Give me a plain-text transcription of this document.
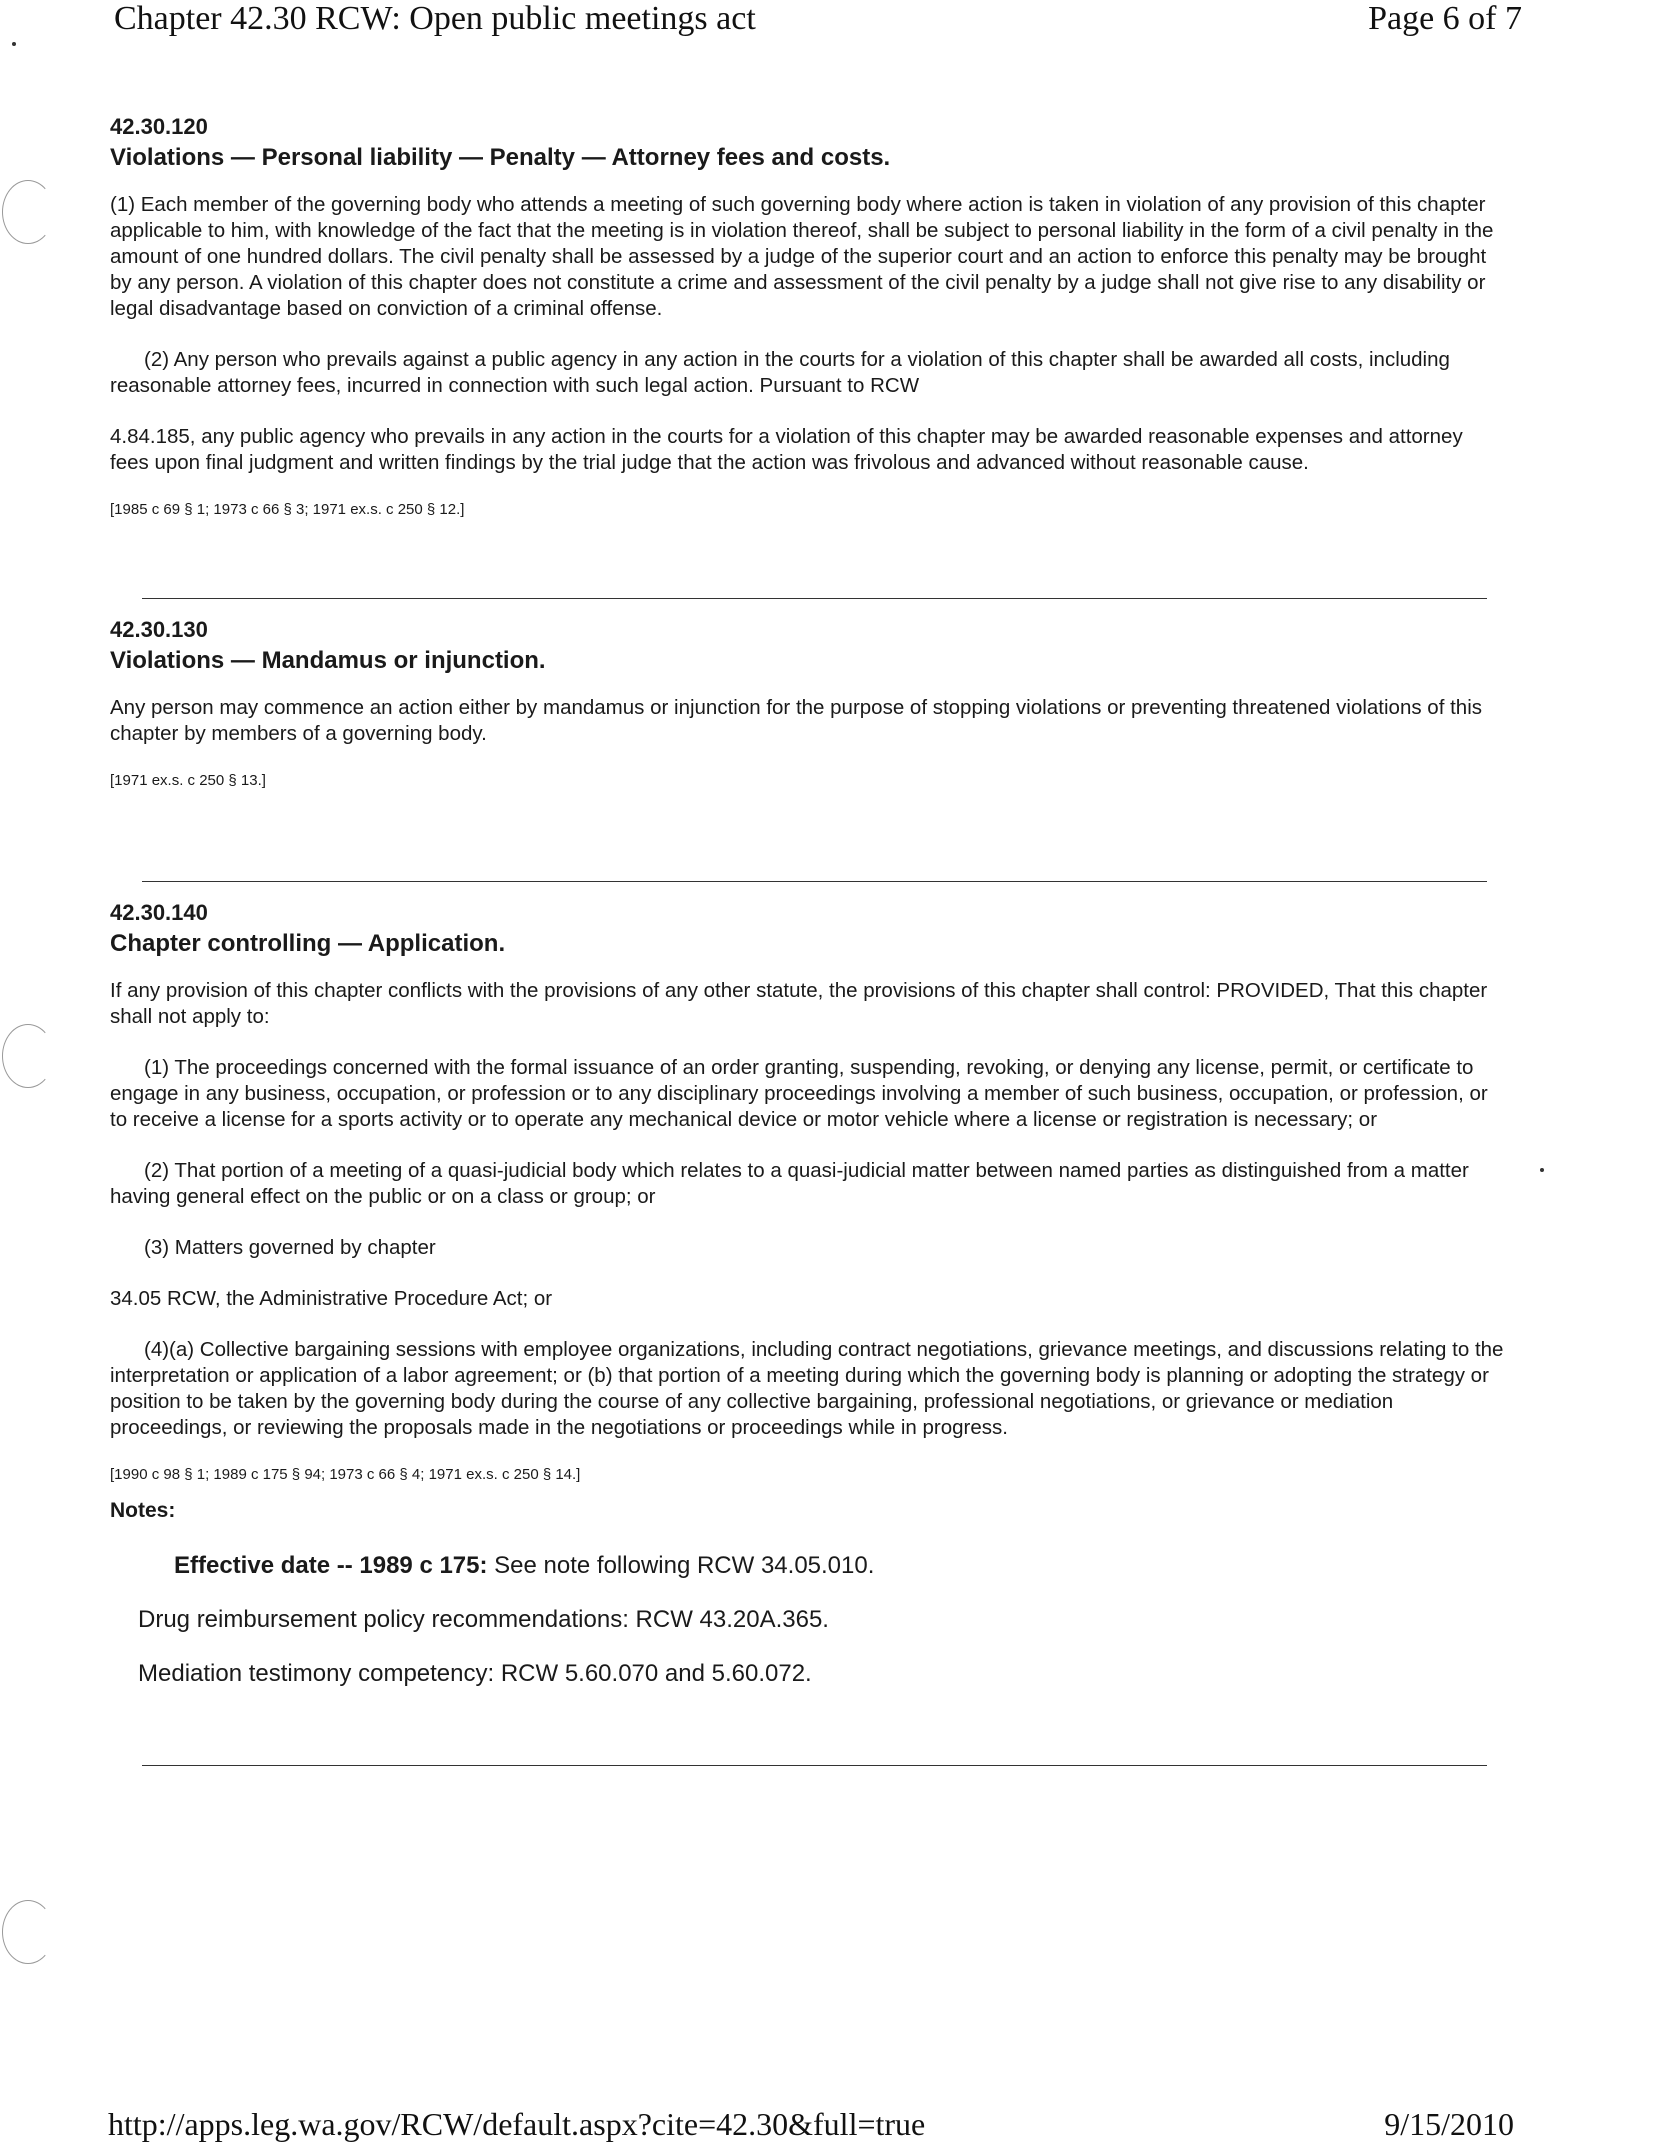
Chapter 42.30 RCW: Open public meetings act	Page 6 of 7

42.30.120

Violations — Personal liability — Penalty — Attorney fees and costs.

(1) Each member of the governing body who attends a meeting of such governing body where action is taken in violation of any provision of this chapter applicable to him, with knowledge of the fact that the meeting is in violation thereof, shall be subject to personal liability in the form of a civil penalty in the amount of one hundred dollars. The civil penalty shall be assessed by a judge of the superior court and an action to enforce this penalty may be brought by any person. A violation of this chapter does not constitute a crime and assessment of the civil penalty by a judge shall not give rise to any disability or legal disadvantage based on conviction of a criminal offense.

(2) Any person who prevails against a public agency in any action in the courts for a violation of this chapter shall be awarded all costs, including reasonable attorney fees, incurred in connection with such legal action. Pursuant to RCW

4.84.185, any public agency who prevails in any action in the courts for a violation of this chapter may be awarded reasonable expenses and attorney fees upon final judgment and written findings by the trial judge that the action was frivolous and advanced without reasonable cause.

[1985 c 69 § 1; 1973 c 66 § 3; 1971 ex.s. c 250 § 12.]

42.30.130

Violations — Mandamus or injunction.

Any person may commence an action either by mandamus or injunction for the purpose of stopping violations or preventing threatened violations of this chapter by members of a governing body.

[1971 ex.s. c 250 § 13.]

42.30.140

Chapter controlling — Application.

If any provision of this chapter conflicts with the provisions of any other statute, the provisions of this chapter shall control: PROVIDED, That this chapter shall not apply to:

(1) The proceedings concerned with the formal issuance of an order granting, suspending, revoking, or denying any license, permit, or certificate to engage in any business, occupation, or profession or to any disciplinary proceedings involving a member of such business, occupation, or profession, or to receive a license for a sports activity or to operate any mechanical device or motor vehicle where a license or registration is necessary; or

(2) That portion of a meeting of a quasi-judicial body which relates to a quasi-judicial matter between named parties as distinguished from a matter having general effect on the public or on a class or group; or

(3) Matters governed by chapter

34.05 RCW, the Administrative Procedure Act; or

(4)(a) Collective bargaining sessions with employee organizations, including contract negotiations, grievance meetings, and discussions relating to the interpretation or application of a labor agreement; or (b) that portion of a meeting during which the governing body is planning or adopting the strategy or position to be taken by the governing body during the course of any collective bargaining, professional negotiations, or grievance or mediation proceedings, or reviewing the proposals made in the negotiations or proceedings while in progress.

[1990 c 98 § 1; 1989 c 175 § 94; 1973 c 66 § 4; 1971 ex.s. c 250 § 14.]

Notes:

Effective date -- 1989 c 175: See note following RCW 34.05.010.

Drug reimbursement policy recommendations: RCW 43.20A.365.

Mediation testimony competency: RCW 5.60.070 and 5.60.072.

http://apps.leg.wa.gov/RCW/default.aspx?cite=42.30&full=true	9/15/2010
